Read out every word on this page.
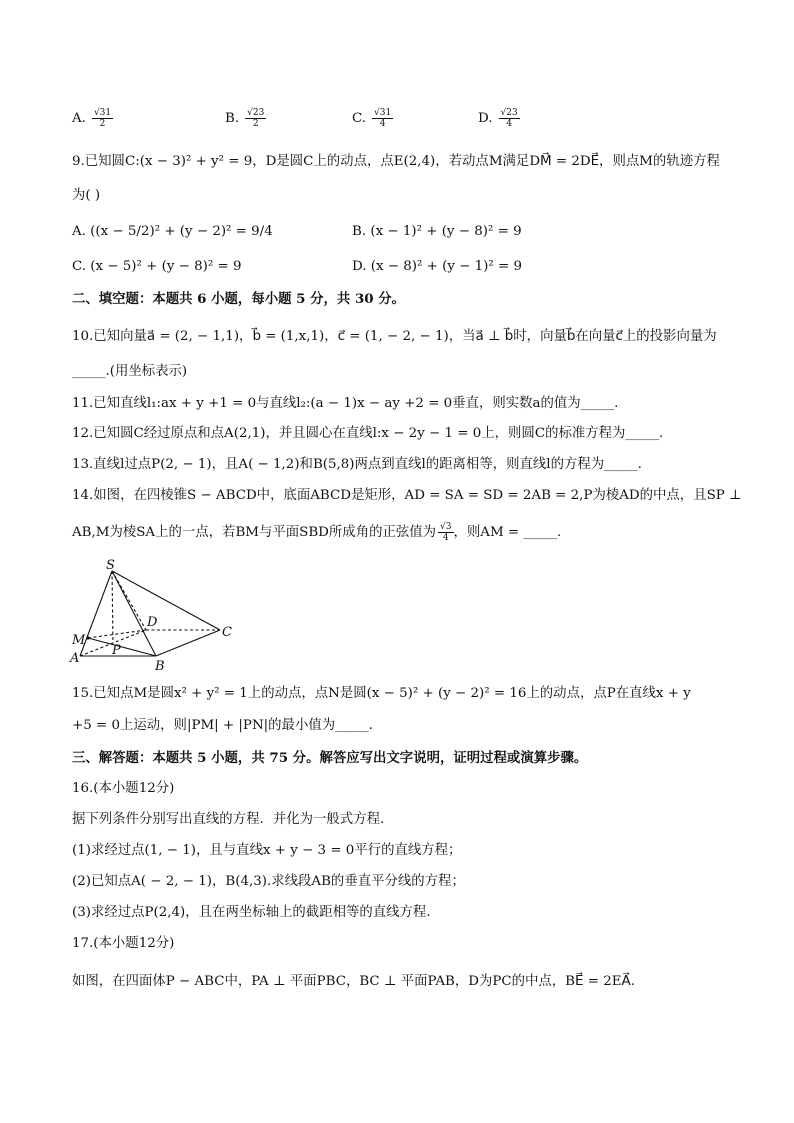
A. $\frac{√31}{2}$	B. $\frac{√23}{2}$	C. $\frac{√31}{4}$	D. $\frac{√23}{4}$
9.已知圆C:(x − 3)² + y² = 9，D是圆C上的动点，点E(2,4)，若动点M满足DM⃗ = 2DE⃗，则点M的轨迹方程
为( )
A. ((x − 5/2)² + (y − 2)² = 9/4	B. (x − 1)² + (y − 8)² = 9
C. (x − 5)² + (y − 8)² = 9	D. (x − 8)² + (y − 1)² = 9
二、填空题：本题共 6 小题，每小题 5 分，共 30 分。
10.已知向量a⃗ = (2, − 1,1)，b⃗ = (1,x,1)，c⃗ = (1, − 2, − 1)，当a⃗ ⊥ b⃗时，向量b⃗在向量c⃗上的投影向量为
_____.(用坐标表示)
11.已知直线l₁:ax + y +1 = 0与直线l₂:(a − 1)x − ay +2 = 0垂直，则实数a的值为_____.
12.已知圆C经过原点和点A(2,1)，并且圆心在直线l:x − 2y − 1 = 0上，则圆C的标准方程为_____.
13.直线l过点P(2, − 1)，且A( − 1,2)和B(5,8)两点到直线l的距离相等，则直线l的方程为_____.
14.如图，在四棱锥S − ABCD中，底面ABCD是矩形，AD = SA = SD = 2AB = 2,P为棱AD的中点，且SP ⊥
AB,M为棱SA上的一点，若BM与平面SBD所成角的正弦值为 $\frac{√3}{4}$ ，则AM = _____.
S
D
C
M
A
P
B
15.已知点M是圆x² + y² = 1上的动点，点N是圆(x − 5)² + (y − 2)² = 16上的动点，点P在直线x + y
+5 = 0上运动，则|PM| + |PN|的最小值为_____.
三、解答题：本题共 5 小题，共 75 分。解答应写出文字说明，证明过程或演算步骤。
16.(本小题12分)
据下列条件分别写出直线的方程．并化为一般式方程．
(1)求经过点(1, − 1)，且与直线x + y − 3 = 0平行的直线方程；
(2)已知点A( − 2, − 1)，B(4,3).求线段AB的垂直平分线的方程；
(3)求经过点P(2,4)，且在两坐标轴上的截距相等的直线方程．
17.(本小题12分)
如图，在四面体P − ABC中，PA ⊥ 平面PBC，BC ⊥ 平面PAB，D为PC的中点，BE⃗ = 2EA⃗.
